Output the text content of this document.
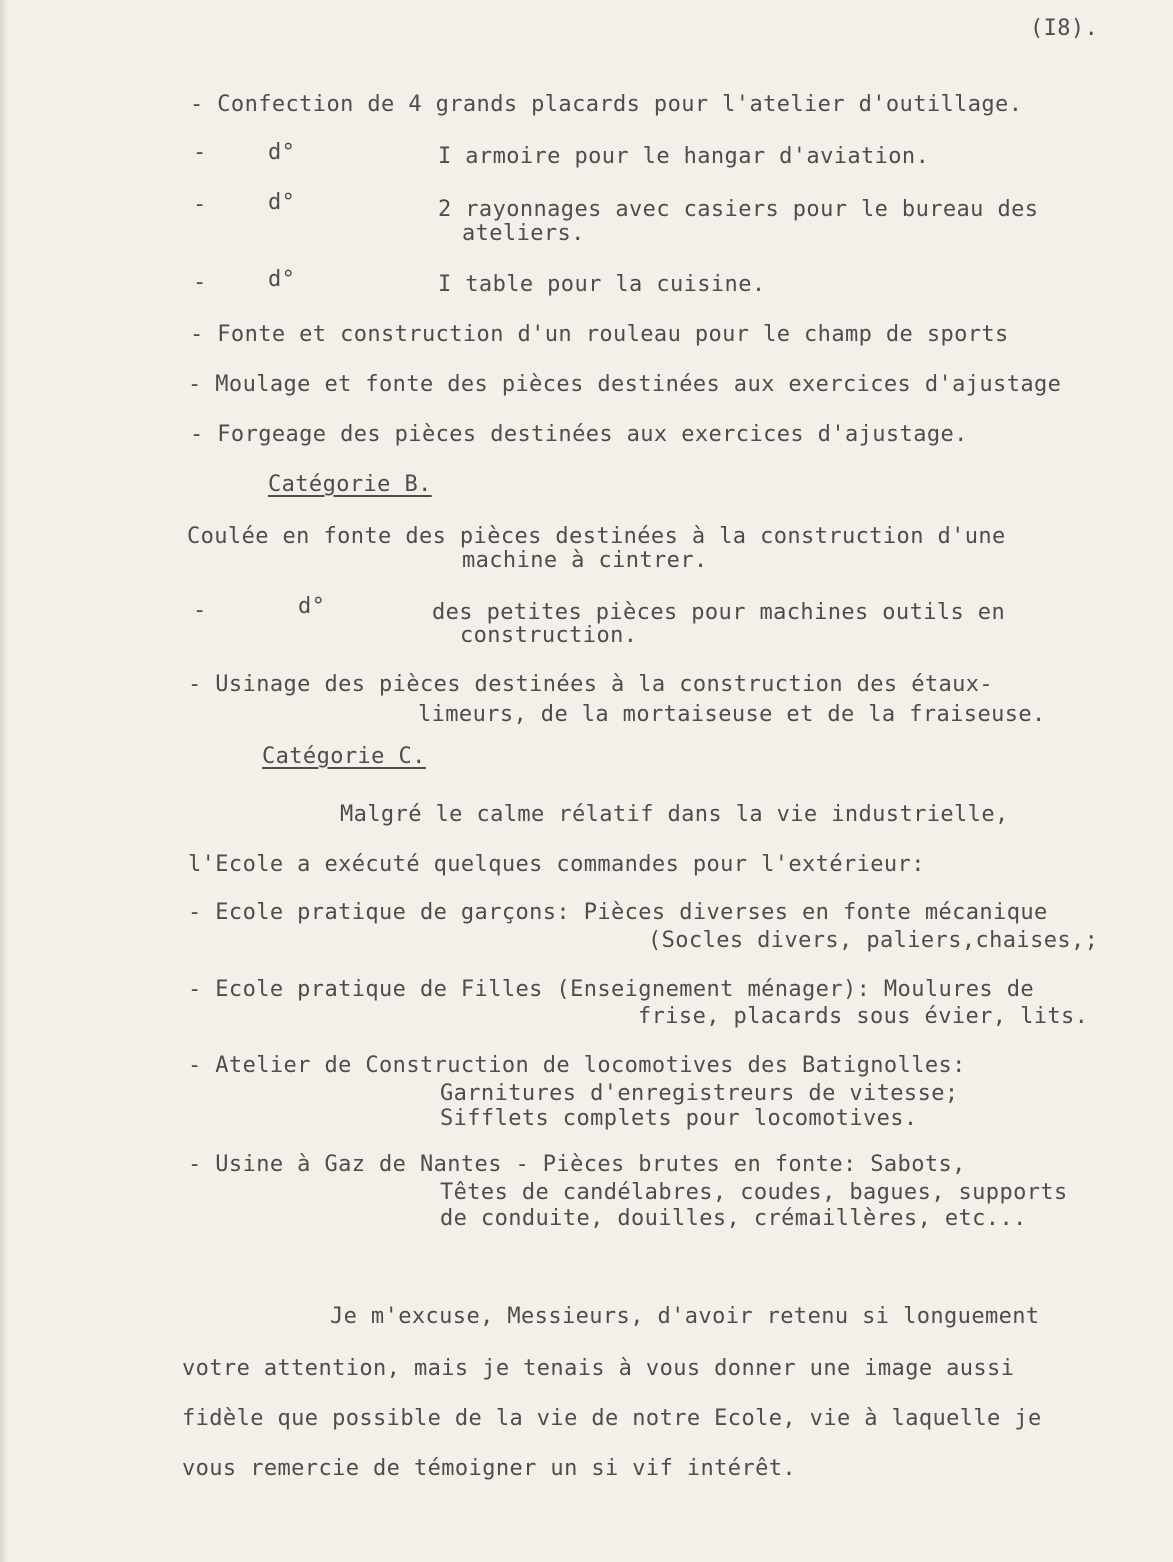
(I8).
- Confection de 4 grands placards pour l'atelier d'outillage.
-	d°	I armoire pour le hangar d'aviation.
-	d°	2 rayonnages avec casiers pour le bureau des
ateliers.
-	d°	I table pour la cuisine.
- Fonte et construction d'un rouleau pour le champ de sports
- Moulage et fonte des pièces destinées aux exercices d'ajustage
- Forgeage des pièces destinées aux exercices d'ajustage.
Catégorie B.
Coulée en fonte des pièces destinées à la construction d'une
machine à cintrer.
-	d°	des petites pièces pour machines outils en
construction.
- Usinage des pièces destinées à la construction des étaux-
limeurs, de la mortaiseuse et de la fraiseuse.
Catégorie C.
Malgré le calme rélatif dans la vie industrielle,
l'Ecole a exécuté quelques commandes pour l'extérieur:
- Ecole pratique de garçons: Pièces diverses en fonte mécanique
(Socles divers, paliers,chaises,;
- Ecole pratique de Filles (Enseignement ménager): Moulures de
frise, placards sous évier, lits.
- Atelier de Construction de locomotives des Batignolles:
Garnitures d'enregistreurs de vitesse;
Sifflets complets pour locomotives.
- Usine à Gaz de Nantes - Pièces brutes en fonte: Sabots,
Têtes de candélabres, coudes, bagues, supports
de conduite, douilles, crémaillères, etc...
Je m'excuse, Messieurs, d'avoir retenu si longuement
votre attention, mais je tenais à vous donner une image aussi
fidèle que possible de la vie de notre Ecole, vie à laquelle je
vous remercie de témoigner un si vif intérêt.
